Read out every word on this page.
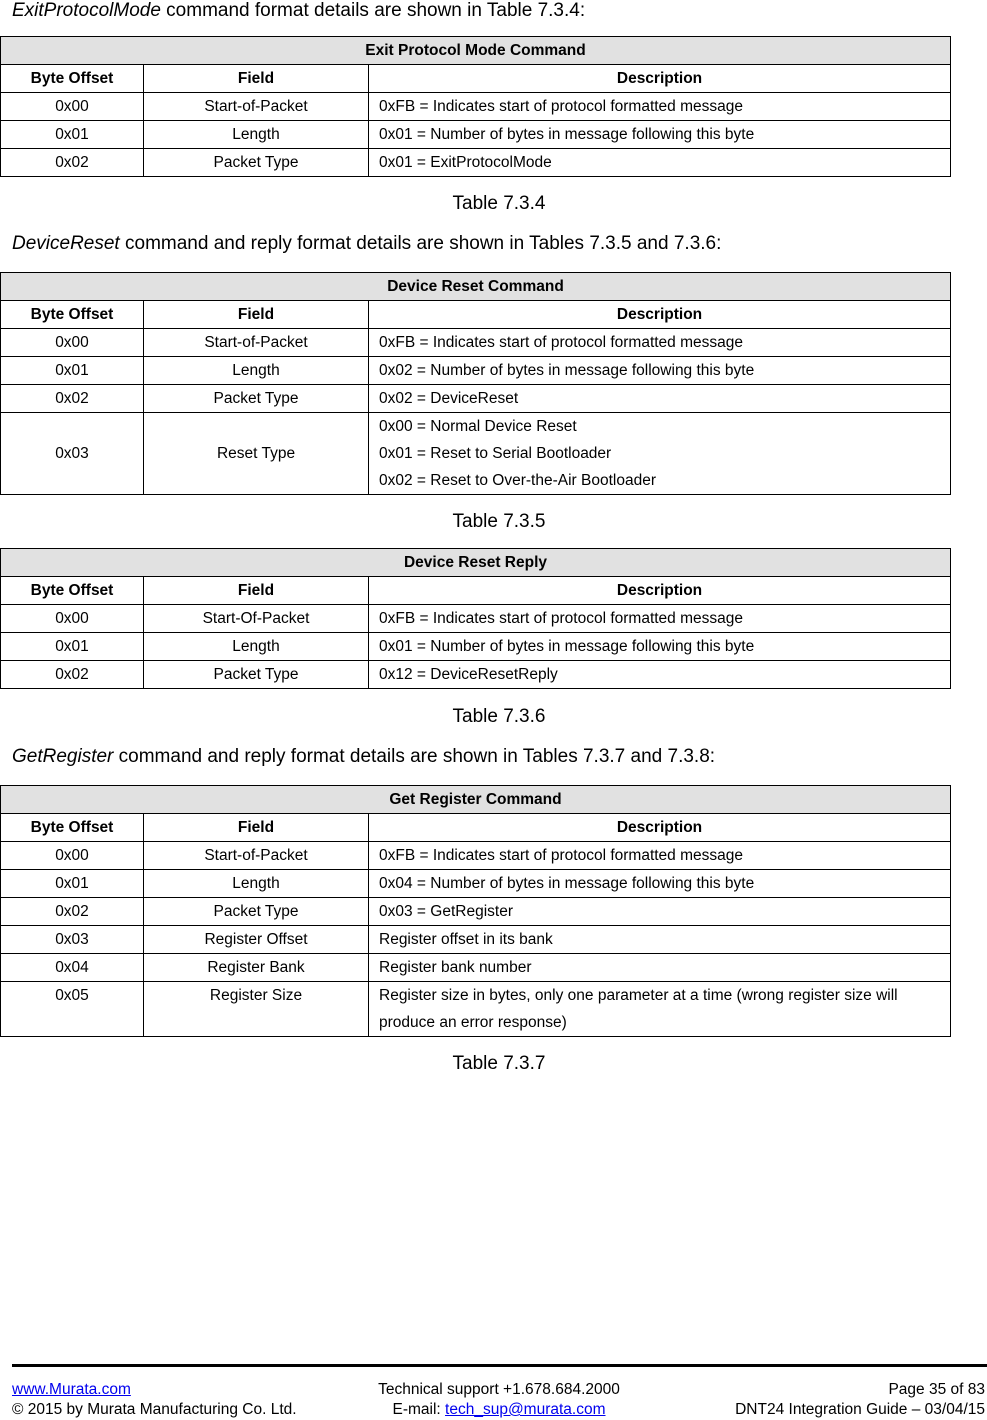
ExitProtocolMode command format details are shown in Table 7.3.4:
Exit Protocol Mode Command		
Byte Offset	Field	Description
0x00	Start-of-Packet	0xFB = Indicates start of protocol formatted message
0x01	Length	0x01 = Number of bytes in message following this byte
0x02	Packet Type	0x01 = ExitProtocolMode
Table 7.3.4
DeviceReset command and reply format details are shown in Tables 7.3.5 and 7.3.6:
Device Reset Command		
Byte Offset	Field	Description
0x00	Start-of-Packet	0xFB = Indicates start of protocol formatted message
0x01	Length	0x02 = Number of bytes in message following this byte
0x02	Packet Type	0x02 = DeviceReset
0x03	Reset Type	0x00 = Normal Device Reset
0x01 = Reset to Serial Bootloader
0x02 = Reset to Over-the-Air Bootloader
Table 7.3.5
Device Reset Reply		
Byte Offset	Field	Description
0x00	Start-Of-Packet	0xFB = Indicates start of protocol formatted message
0x01	Length	0x01 = Number of bytes in message following this byte
0x02	Packet Type	0x12 = DeviceResetReply
Table 7.3.6
GetRegister command and reply format details are shown in Tables 7.3.7 and 7.3.8:
Get Register Command		
Byte Offset	Field	Description
0x00	Start-of-Packet	0xFB = Indicates start of protocol formatted message
0x01	Length	0x04 = Number of bytes in message following this byte
0x02	Packet Type	0x03 = GetRegister
0x03	Register Offset	Register offset in its bank
0x04	Register Bank	Register bank number
0x05	Register Size	Register size in bytes, only one parameter at a time (wrong register size will produce an error response)
Table 7.3.7
www.Murata.com
© 2015 by Murata Manufacturing Co. Ltd.
Technical support +1.678.684.2000
E-mail: tech_sup@murata.com
Page 35 of 83
DNT24 Integration Guide – 03/04/15
